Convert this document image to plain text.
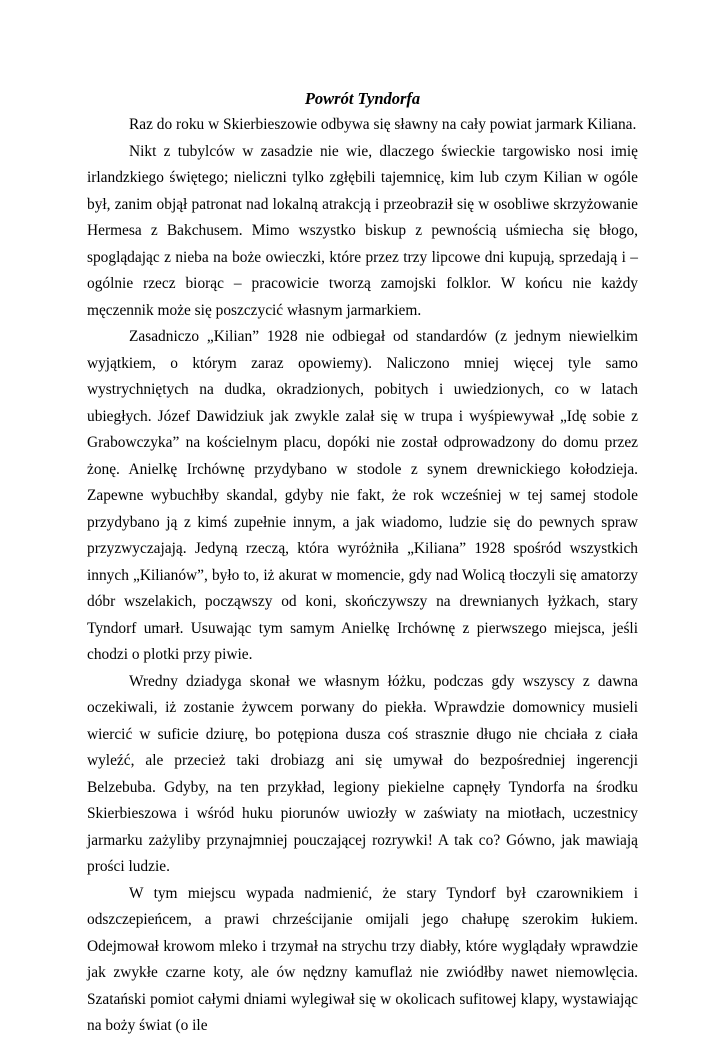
Powrót Tyndorfa

Raz do roku w Skierbieszowie odbywa się sławny na cały powiat jarmark Kiliana.

Nikt z tubylców w zasadzie nie wie, dlaczego świeckie targowisko nosi imię irlandzkiego świętego; nieliczni tylko zgłębili tajemnicę, kim lub czym Kilian w ogóle był, zanim objął patronat nad lokalną atrakcją i przeobraził się w osobliwe skrzyżowanie Hermesa z Bakchusem. Mimo wszystko biskup z pewnością uśmiecha się błogo, spoglądając z nieba na boże owieczki, które przez trzy lipcowe dni kupują, sprzedają i – ogólnie rzecz biorąc – pracowicie tworzą zamojski folklor. W końcu nie każdy męczennik może się poszczycić własnym jarmarkiem.

Zasadniczo „Kilian” 1928 nie odbiegał od standardów (z jednym niewielkim wyjątkiem, o którym zaraz opowiemy). Naliczono mniej więcej tyle samo wystrychniętych na dudka, okradzionych, pobitych i uwiedzionych, co w latach ubiegłych. Józef Dawidziuk jak zwykle zalał się w trupa i wyśpiewywał „Idę sobie z Grabowczyka” na kościelnym placu, dopóki nie został odprowadzony do domu przez żonę. Anielkę Irchównę przydybano w stodole z synem drewnickiego kołodzieja. Zapewne wybuchłby skandal, gdyby nie fakt, że rok wcześniej w tej samej stodole przydybano ją z kimś zupełnie innym, a jak wiadomo, ludzie się do pewnych spraw przyzwyczajają. Jedyną rzeczą, która wyróżniła „Kiliana” 1928 spośród wszystkich innych „Kilianów”, było to, iż akurat w momencie, gdy nad Wolicą tłoczyli się amatorzy dóbr wszelakich, począwszy od koni, skończywszy na drewnianych łyżkach, stary Tyndorf umarł. Usuwając tym samym Anielkę Irchównę z pierwszego miejsca, jeśli chodzi o plotki przy piwie.

Wredny dziadyga skonał we własnym łóżku, podczas gdy wszyscy z dawna oczekiwali, iż zostanie żywcem porwany do piekła. Wprawdzie domownicy musieli wiercić w suficie dziurę, bo potępiona dusza coś strasznie długo nie chciała z ciała wyleźć, ale przecież taki drobiazg ani się umywał do bezpośredniej ingerencji Belzebuba. Gdyby, na ten przykład, legiony piekielne capnęły Tyndorfa na środku Skierbieszowa i wśród huku piorunów uwiozły w zaświaty na miotłach, uczestnicy jarmarku zażyliby przynajmniej pouczającej rozrywki! A tak co? Gówno, jak mawiają prości ludzie.

W tym miejscu wypada nadmienić, że stary Tyndorf był czarownikiem i odszczepieńcem, a prawi chrześcijanie omijali jego chałupę szerokim łukiem. Odejmował krowom mleko i trzymał na strychu trzy diabły, które wyglądały wprawdzie jak zwykłe czarne koty, ale ów nędzny kamuflaż nie zwiódłby nawet niemowlęcia. Szatański pomiot całymi dniami wylegiwał się w okolicach sufitowej klapy, wystawiając na boży świat (o ile
